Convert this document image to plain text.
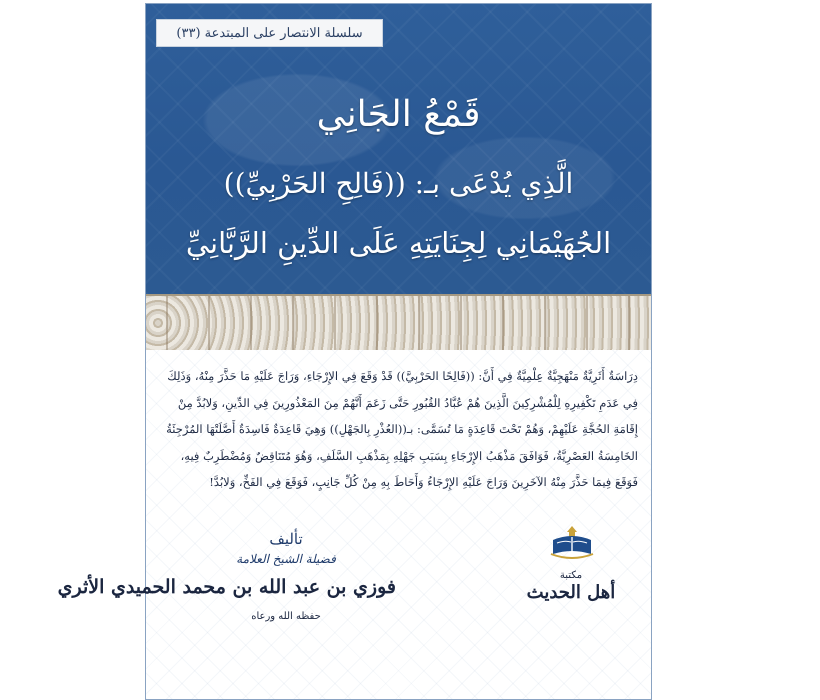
سلسلة الانتصار على المبتدعة (٣٣)
قَمْعُ الجَانِي
الَّذِي يُدْعَى بـ: ((فَالِحِ الحَرْبِيِّ))
الجُهَيْمَانِي لِجِنَايَتِهِ عَلَى الدِّينِ الرَّبَّانِيِّ
دِرَاسَةٌ أَثَرِيَّةٌ مَنْهَجِيَّةٌ عِلْمِيَّةٌ فِي أَنَّ: ((فَالِحًا الحَرْبِيَّ)) قَدْ وَقَعَ فِي الإِرْجَاءِ، وَرَاجَ عَلَيْهِ مَا حَذَّرَ مِنْهُ، وَذَلِكَ
فِي عَدَمِ تَكْفِيرِهِ لِلْمُشْرِكِينَ الَّذِينَ هُمْ عُبَّادُ القُبُورِ حَتَّى زَعَمَ أَنَّهُمْ مِنَ المَعْذُورِينَ فِي الدِّينِ، وَلابُدَّ مِنْ
إِقَامَةِ الحُجَّةِ عَلَيْهِمْ، وَهُمْ تَحْتَ قَاعِدَةٍ مَا تُسَمَّى: بـ((العُذْرِ بِالجَهْلِ)) وَهِيَ قَاعِدَةٌ فَاسِدَةٌ أَصَّلَتْهَا المُرْجِئَةُ
الخَامِسَةُ العَصْرِيَّةُ، فَوَافَقَ مَذْهَبُ الإِرْجَاءِ بِسَبَبِ جَهْلِهِ بِمَذْهَبِ السَّلَفِ، وَهُوَ مُتَنَاقِضٌ وَمُضْطَرِبٌ فِيهِ،
فَوَقَعَ فِيمَا حَذَّرَ مِنْهُ الآخَرِينَ وَرَاجَ عَلَيْهِ الإِرْجَاءُ وَأَحَاطَ بِهِ مِنْ كُلِّ جَانِبٍ، فَوَقَعَ فِي الفَخِّ، وَلابُدَّ!
تأليف
فضيلة الشيخ العلامة
فوزي بن عبد الله بن محمد الحميدي الأثري
حفظه الله ورعاه
مكتبة
أهل الحديث
